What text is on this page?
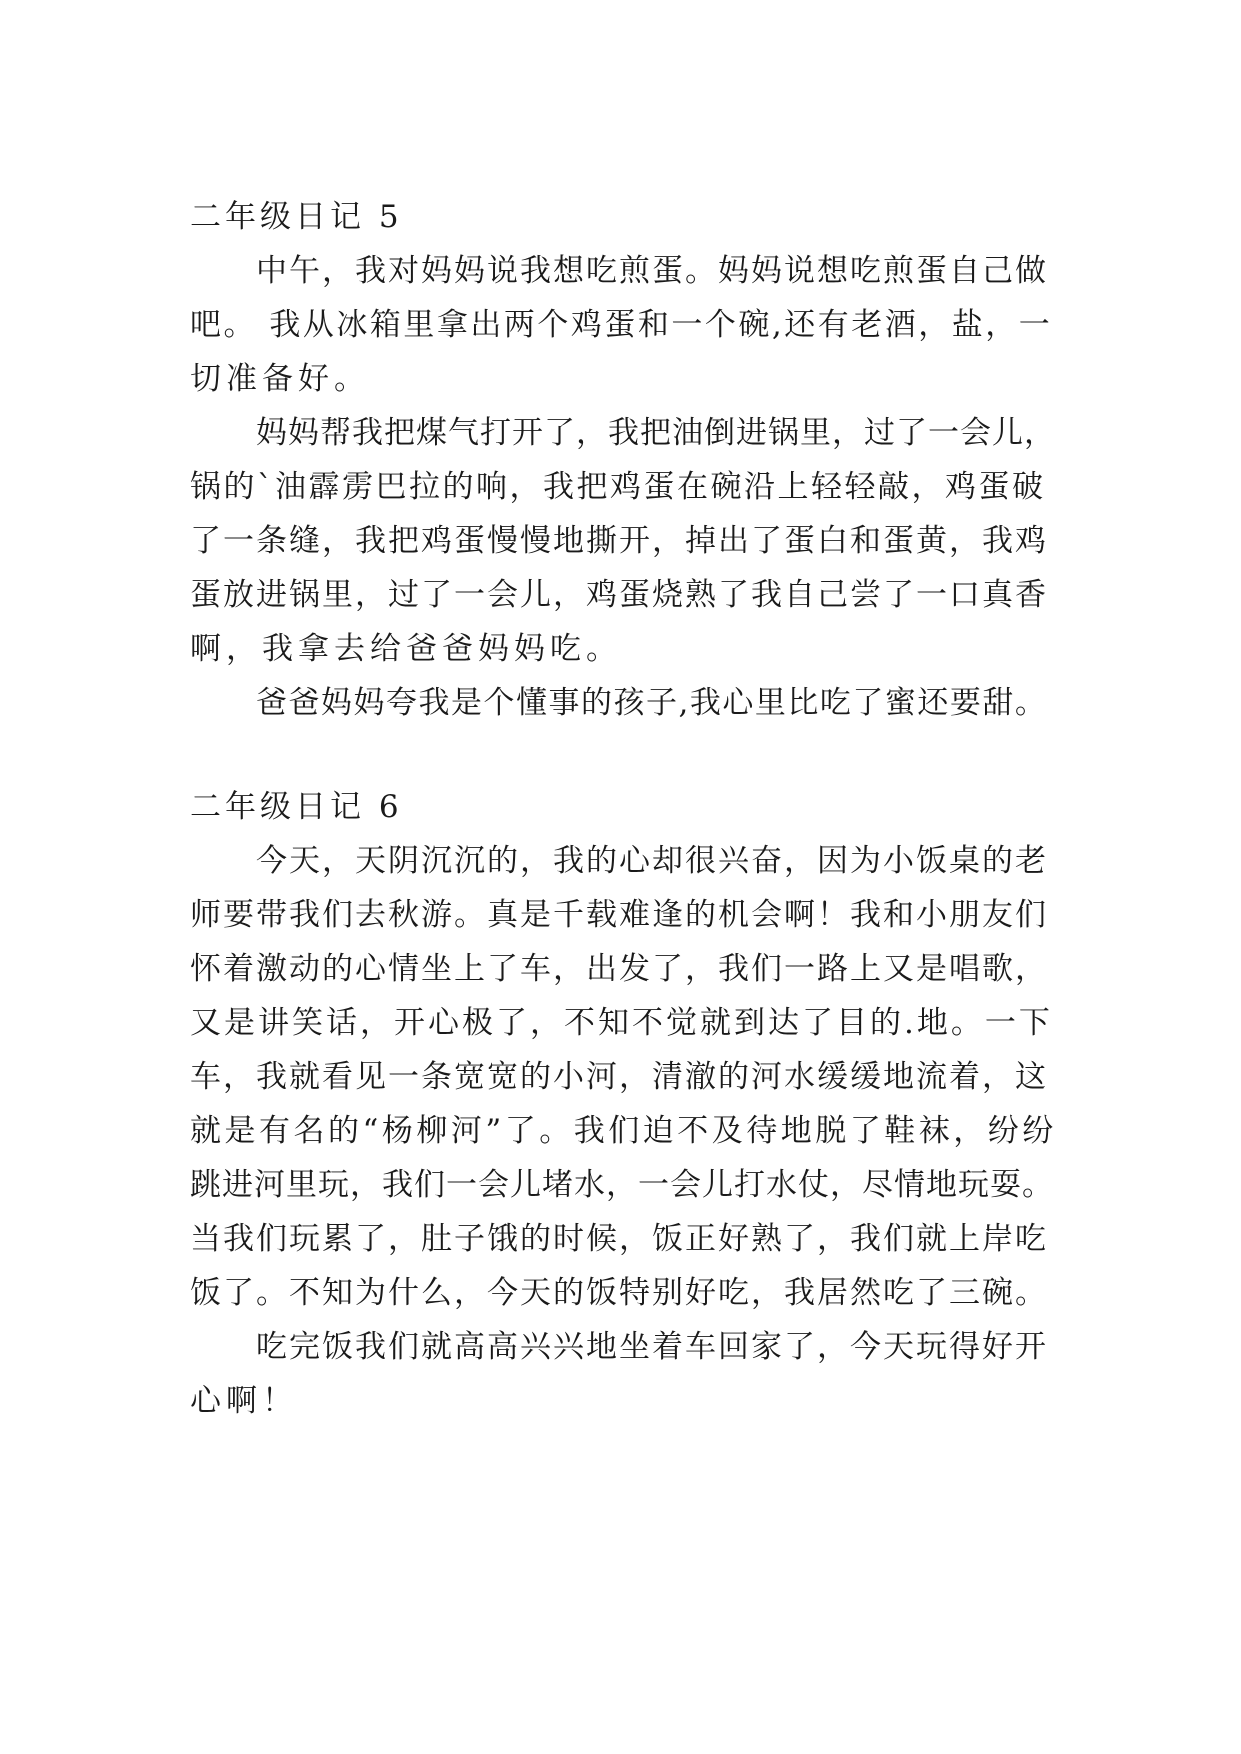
二年级日记 5
中午，我对妈妈说我想吃煎蛋。妈妈说想吃煎蛋自己做
吧。 我从冰箱里拿出两个鸡蛋和一个碗,还有老酒，盐，一
切准备好。
妈妈帮我把煤气打开了，我把油倒进锅里，过了一会儿，
锅的`油霹雳巴拉的响，我把鸡蛋在碗沿上轻轻敲，鸡蛋破
了一条缝，我把鸡蛋慢慢地撕开，掉出了蛋白和蛋黄，我鸡
蛋放进锅里，过了一会儿，鸡蛋烧熟了我自己尝了一口真香
啊，我拿去给爸爸妈妈吃。
爸爸妈妈夸我是个懂事的孩子,我心里比吃了蜜还要甜。
二年级日记 6
今天，天阴沉沉的，我的心却很兴奋，因为小饭桌的老
师要带我们去秋游。真是千载难逢的机会啊！我和小朋友们
怀着激动的心情坐上了车，出发了，我们一路上又是唱歌，
又是讲笑话，开心极了，不知不觉就到达了目的.地。一下
车，我就看见一条宽宽的小河，清澈的河水缓缓地流着，这
就是有名的“杨柳河”了。我们迫不及待地脱了鞋袜，纷纷
跳进河里玩，我们一会儿堵水，一会儿打水仗，尽情地玩耍。
当我们玩累了，肚子饿的时候，饭正好熟了，我们就上岸吃
饭了。不知为什么，今天的饭特别好吃，我居然吃了三碗。
吃完饭我们就高高兴兴地坐着车回家了，今天玩得好开
心啊！
